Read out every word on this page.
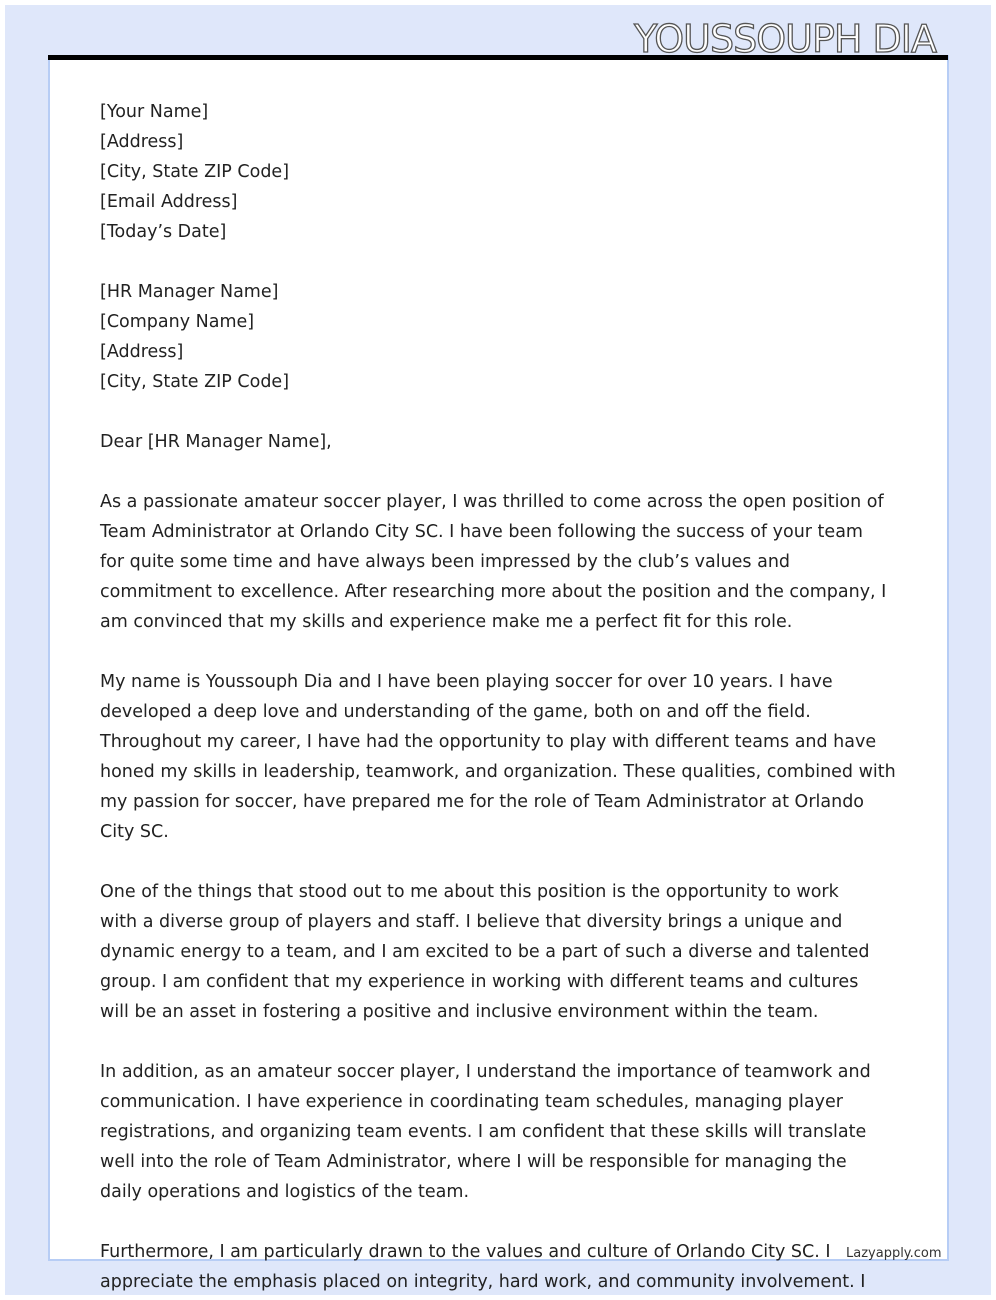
YOUSSOUPH DIA
[Your Name]
[Address]
[City, State ZIP Code]
[Email Address]
[Today’s Date]
[HR Manager Name]
[Company Name]
[Address]
[City, State ZIP Code]
Dear [HR Manager Name],
As a passionate amateur soccer player, I was thrilled to come across the open position of
Team Administrator at Orlando City SC. I have been following the success of your team
for quite some time and have always been impressed by the club’s values and
commitment to excellence. After researching more about the position and the company, I
am convinced that my skills and experience make me a perfect fit for this role.
My name is Youssouph Dia and I have been playing soccer for over 10 years. I have
developed a deep love and understanding of the game, both on and off the field.
Throughout my career, I have had the opportunity to play with different teams and have
honed my skills in leadership, teamwork, and organization. These qualities, combined with
my passion for soccer, have prepared me for the role of Team Administrator at Orlando
City SC.
One of the things that stood out to me about this position is the opportunity to work
with a diverse group of players and staff. I believe that diversity brings a unique and
dynamic energy to a team, and I am excited to be a part of such a diverse and talented
group. I am confident that my experience in working with different teams and cultures
will be an asset in fostering a positive and inclusive environment within the team.
In addition, as an amateur soccer player, I understand the importance of teamwork and
communication. I have experience in coordinating team schedules, managing player
registrations, and organizing team events. I am confident that these skills will translate
well into the role of Team Administrator, where I will be responsible for managing the
daily operations and logistics of the team.
Furthermore, I am particularly drawn to the values and culture of Orlando City SC. I
appreciate the emphasis placed on integrity, hard work, and community involvement. I
Lazyapply.com
